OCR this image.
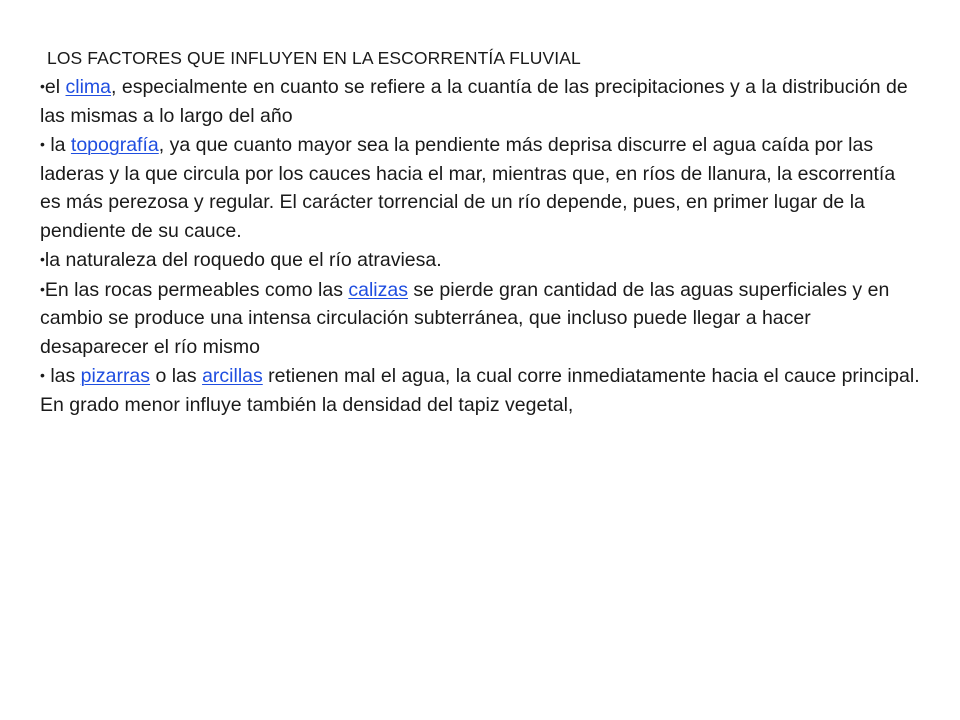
LOS FACTORES QUE INFLUYEN EN LA ESCORRENTÍA FLUVIAL

•el clima, especialmente en cuanto se refiere a la cuantía de las precipitaciones y a la distribución de las mismas a lo largo del año

• la topografía, ya que cuanto mayor sea la pendiente más deprisa discurre el agua caída por las laderas y la que circula por los cauces hacia el mar, mientras que, en ríos de llanura, la escorrentía es más perezosa y regular. El carácter torrencial de un río depende, pues, en primer lugar de la pendiente de su cauce.

•la naturaleza del roquedo que el río atraviesa.

•En las rocas permeables como las calizas se pierde gran cantidad de las aguas superficiales y en cambio se produce una intensa circulación subterránea, que incluso puede llegar a hacer desaparecer el río mismo

• las pizarras o las arcillas retienen mal el agua, la cual corre inmediatamente hacia el cauce principal.

En grado menor influye también la densidad del tapiz vegetal,
